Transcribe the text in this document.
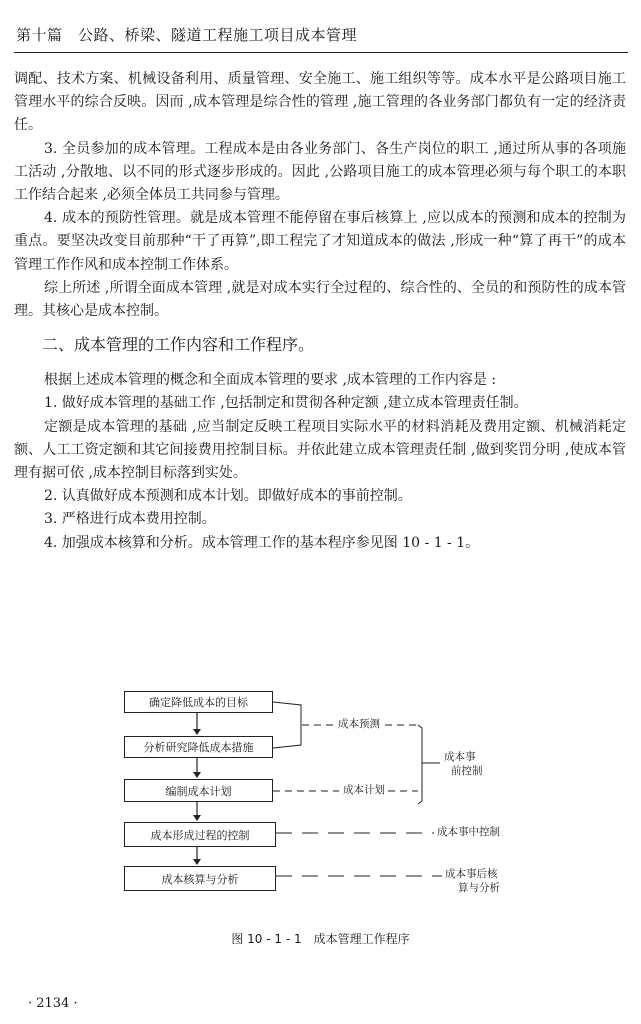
第十篇　公路、桥梁、隧道工程施工项目成本管理

调配、技术方案、机械设备利用、质量管理、安全施工、施工组织等等。成本水平是公路项目施工管理水平的综合反映。因而 ,成本管理是综合性的管理 ,施工管理的各业务部门都负有一定的经济责任。

3. 全员参加的成本管理。工程成本是由各业务部门、各生产岗位的职工 ,通过所从事的各项施工活动 ,分散地、以不同的形式逐步形成的。因此 ,公路项目施工的成本管理必须与每个职工的本职工作结合起来 ,必须全体员工共同参与管理。

4. 成本的预防性管理。就是成本管理不能停留在事后核算上 ,应以成本的预测和成本的控制为重点。要坚决改变目前那种“干了再算”,即工程完了才知道成本的做法 ,形成一种“算了再干”的成本管理工作作风和成本控制工作体系。

综上所述 ,所谓全面成本管理 ,就是对成本实行全过程的、综合性的、全员的和预防性的成本管理。其核心是成本控制。

二、成本管理的工作内容和工作程序。

根据上述成本管理的概念和全面成本管理的要求 ,成本管理的工作内容是 :

1. 做好成本管理的基础工作 ,包括制定和贯彻各种定额 ,建立成本管理责任制。

定额是成本管理的基础 ,应当制定反映工程项目实际水平的材料消耗及费用定额、机械消耗定额、人工工资定额和其它间接费用控制目标。并依此建立成本管理责任制 ,做到奖罚分明 ,使成本管理有据可依 ,成本控制目标落到实处。

2. 认真做好成本预测和成本计划。即做好成本的事前控制。

3. 严格进行成本费用控制。

4. 加强成本核算和分析。成本管理工作的基本程序参见图 10 - 1 - 1。

确定降低成本的目标
分析研究降低成本措施
编制成本计划
成本形成过程的控制
成本核算与分析
成本预测
成本计划
成本事
前控制
成本事中控制
成本事后核
算与分析
图 10 - 1 - 1　成本管理工作程序
· 2134 ·
